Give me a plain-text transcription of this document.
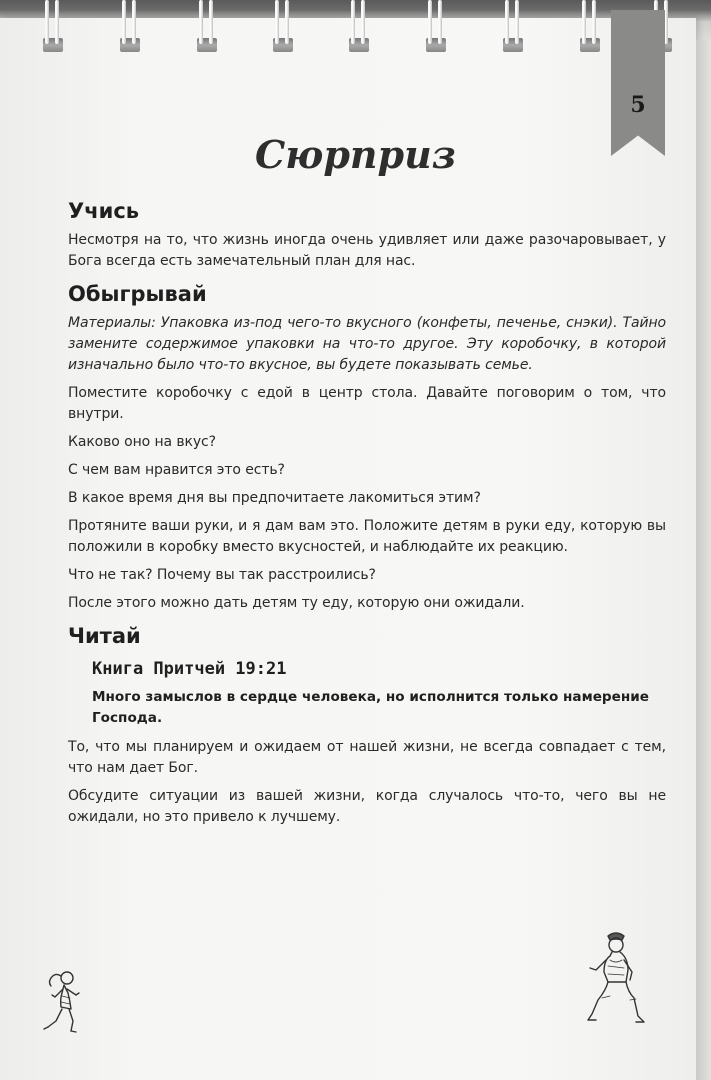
5
Сюрприз
Учись
Несмотря на то, что жизнь иногда очень удивляет или даже разочаровывает, у Бога всегда есть замечательный план для нас.
Обыгрывай
Материалы: Упаковка из-под чего-то вкусного (конфеты, печенье, снэки). Тайно замените содержимое упаковки на что-то другое. Эту коробочку, в которой изначально было что-то вкусное, вы будете показывать семье.
Поместите коробочку с едой в центр стола. Давайте поговорим о том, что внутри.
Каково оно на вкус?
С чем вам нравится это есть?
В какое время дня вы предпочитаете лакомиться этим?
Протяните ваши руки, и я дам вам это. Положите детям в руки еду, которую вы положили в коробку вместо вкусностей, и наблюдайте их реакцию.
Что не так? Почему вы так расстроились?
После этого можно дать детям ту еду, которую они ожидали.
Читай
Книга Притчей 19:21
Много замыслов в сердце человека, но исполнится только намерение Господа.
То, что мы планируем и ожидаем от нашей жизни, не всегда совпадает с тем, что нам дает Бог.
Обсудите ситуации из вашей жизни, когда случалось что-то, чего вы не ожидали, но это привело к лучшему.
